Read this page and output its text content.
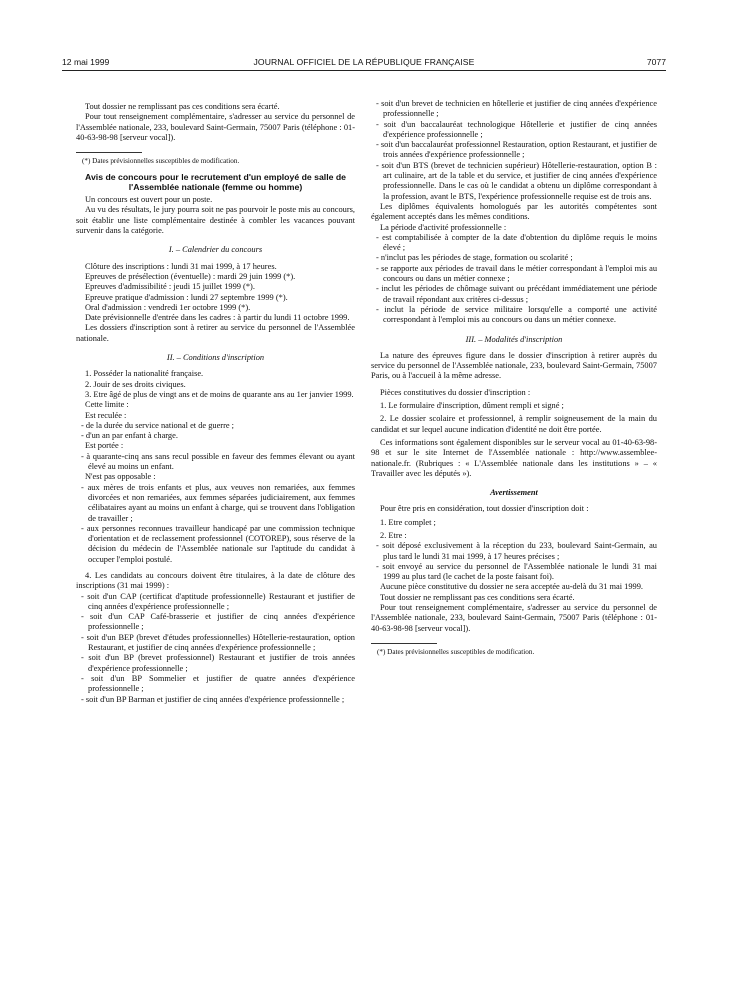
12 mai 1999	JOURNAL OFFICIEL DE LA RÉPUBLIQUE FRANÇAISE	7077

Tout dossier ne remplissant pas ces conditions sera écarté.

Pour tout renseignement complémentaire, s'adresser au service du personnel de l'Assemblée nationale, 233, boulevard Saint-Germain, 75007 Paris (téléphone : 01-40-63-98-98 [serveur vocal]).

(*) Dates prévisionnelles susceptibles de modification.

Avis de concours pour le recrutement d'un employé de salle de l'Assemblée nationale (femme ou homme)

Un concours est ouvert pour un poste.

Au vu des résultats, le jury pourra soit ne pas pourvoir le poste mis au concours, soit établir une liste complémentaire destinée à combler les vacances pouvant survenir dans la catégorie.

I. – Calendrier du concours

Clôture des inscriptions : lundi 31 mai 1999, à 17 heures.

Epreuves de présélection (éventuelle) : mardi 29 juin 1999 (*).

Epreuves d'admissibilité : jeudi 15 juillet 1999 (*).

Epreuve pratique d'admission : lundi 27 septembre 1999 (*).

Oral d'admission : vendredi 1er octobre 1999 (*).

Date prévisionnelle d'entrée dans les cadres : à partir du lundi 11 octobre 1999.

Les dossiers d'inscription sont à retirer au service du personnel de l'Assemblée nationale.

II. – Conditions d'inscription

1. Posséder la nationalité française.

2. Jouir de ses droits civiques.

3. Etre âgé de plus de vingt ans et de moins de quarante ans au 1er janvier 1999.

Cette limite :

Est reculée :

- de la durée du service national et de guerre ;

- d'un an par enfant à charge.

Est portée :

- à quarante-cinq ans sans recul possible en faveur des femmes élevant ou ayant élevé au moins un enfant.

N'est pas opposable :

- aux mères de trois enfants et plus, aux veuves non remariées, aux femmes divorcées et non remariées, aux femmes séparées judiciairement, aux femmes célibataires ayant au moins un enfant à charge, qui se trouvent dans l'obligation de travailler ;

- aux personnes reconnues travailleur handicapé par une commission technique d'orientation et de reclassement professionnel (COTOREP), sous réserve de la décision du médecin de l'Assemblée nationale sur l'aptitude du candidat à occuper l'emploi postulé.

4. Les candidats au concours doivent être titulaires, à la date de clôture des inscriptions (31 mai 1999) :

- soit d'un CAP (certificat d'aptitude professionnelle) Restaurant et justifier de cinq années d'expérience professionnelle ;

- soit d'un CAP Café-brasserie et justifier de cinq années d'expérience professionnelle ;

- soit d'un BEP (brevet d'études professionnelles) Hôtellerie-restauration, option Restaurant, et justifier de cinq années d'expérience professionnelle ;

- soit d'un BP (brevet professionnel) Restaurant et justifier de trois années d'expérience professionnelle ;

- soit d'un BP Sommelier et justifier de quatre années d'expérience professionnelle ;

- soit d'un BP Barman et justifier de cinq années d'expérience professionnelle ;

- soit d'un brevet de technicien en hôtellerie et justifier de cinq années d'expérience professionnelle ;

- soit d'un baccalauréat technologique Hôtellerie et justifier de cinq années d'expérience professionnelle ;

- soit d'un baccalauréat professionnel Restauration, option Restaurant, et justifier de trois années d'expérience professionnelle ;

- soit d'un BTS (brevet de technicien supérieur) Hôtellerie-restauration, option B : art culinaire, art de la table et du service, et justifier de cinq années d'expérience professionnelle. Dans le cas où le candidat a obtenu un diplôme correspondant à la profession, avant le BTS, l'expérience professionnelle requise est de trois ans.

Les diplômes équivalents homologués par les autorités compétentes sont également acceptés dans les mêmes conditions.

La période d'activité professionnelle :

- est comptabilisée à compter de la date d'obtention du diplôme requis le moins élevé ;

- n'inclut pas les périodes de stage, formation ou scolarité ;

- se rapporte aux périodes de travail dans le métier correspondant à l'emploi mis au concours ou dans un métier connexe ;

- inclut les périodes de chômage suivant ou précédant immédiatement une période de travail répondant aux critères ci-dessus ;

- inclut la période de service militaire lorsqu'elle a comporté une activité correspondant à l'emploi mis au concours ou dans un métier connexe.

III. – Modalités d'inscription

La nature des épreuves figure dans le dossier d'inscription à retirer auprès du service du personnel de l'Assemblée nationale, 233, boulevard Saint-Germain, 75007 Paris, ou à l'accueil à la même adresse.

Pièces constitutives du dossier d'inscription :

1. Le formulaire d'inscription, dûment rempli et signé ;

2. Le dossier scolaire et professionnel, à remplir soigneusement de la main du candidat et sur lequel aucune indication d'identité ne doit être portée.

Ces informations sont également disponibles sur le serveur vocal au 01-40-63-98-98 et sur le site Internet de l'Assemblée nationale : http://www.assemblee-nationale.fr. (Rubriques : « L'Assemblée nationale dans les institutions » – « Travailler avec les députés »).

Avertissement

Pour être pris en considération, tout dossier d'inscription doit :

1. Etre complet ;

2. Etre :

- soit déposé exclusivement à la réception du 233, boulevard Saint-Germain, au plus tard le lundi 31 mai 1999, à 17 heures précises ;

- soit envoyé au service du personnel de l'Assemblée nationale le lundi 31 mai 1999 au plus tard (le cachet de la poste faisant foi).

Aucune pièce constitutive du dossier ne sera acceptée au-delà du 31 mai 1999.

Tout dossier ne remplissant pas ces conditions sera écarté.

Pour tout renseignement complémentaire, s'adresser au service du personnel de l'Assemblée nationale, 233, boulevard Saint-Germain, 75007 Paris (téléphone : 01-40-63-98-98 [serveur vocal]).

(*) Dates prévisionnelles susceptibles de modification.
